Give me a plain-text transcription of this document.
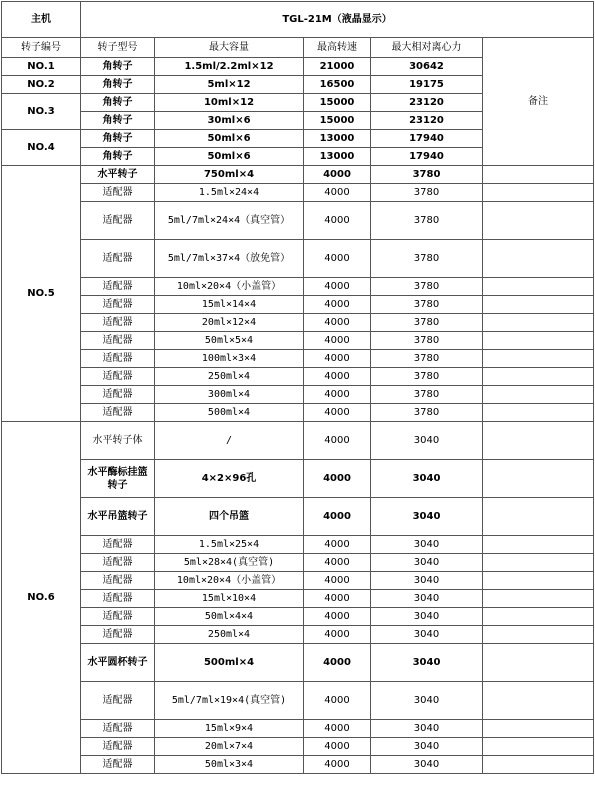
主机	TGL-21M（液晶显示）				
转子编号	转子型号	最大容量	最高转速	最大相对离心力	备注
NO.1	角转子	1.5ml/2.2ml×12	21000	30642	
NO.2	角转子	5ml×12	16500	19175	
NO.3	角转子	10ml×12	15000	23120	
	角转子	30ml×6	15000	23120	
NO.4	角转子	50ml×6	13000	17940	
	角转子	50ml×6	13000	17940	
NO.5	水平转子	750ml×4	4000	3780	
	适配器	1.5ml×24×4	4000	3780	
	适配器	5ml/7ml×24×4（真空管）	4000	3780	
	适配器	5ml/7ml×37×4（放免管）	4000	3780	
	适配器	10ml×20×4（小盖管）	4000	3780	
	适配器	15ml×14×4	4000	3780	
	适配器	20ml×12×4	4000	3780	
	适配器	50ml×5×4	4000	3780	
	适配器	100ml×3×4	4000	3780	
	适配器	250ml×4	4000	3780	
	适配器	300ml×4	4000	3780	
	适配器	500ml×4	4000	3780	
NO.6	水平转子体	/	4000	3040	
	水平酶标挂篮转子	4×2×96孔	4000	3040	
	水平吊篮转子	四个吊篮	4000	3040	
	适配器	1.5ml×25×4	4000	3040	
	适配器	5ml×28×4(真空管)	4000	3040	
	适配器	10ml×20×4（小盖管）	4000	3040	
	适配器	15ml×10×4	4000	3040	
	适配器	50ml×4×4	4000	3040	
	适配器	250ml×4	4000	3040	
	水平圆杯转子	500ml×4	4000	3040	
	适配器	5ml/7ml×19×4(真空管)	4000	3040	
	适配器	15ml×9×4	4000	3040	
	适配器	20ml×7×4	4000	3040	
	适配器	50ml×3×4	4000	3040	
